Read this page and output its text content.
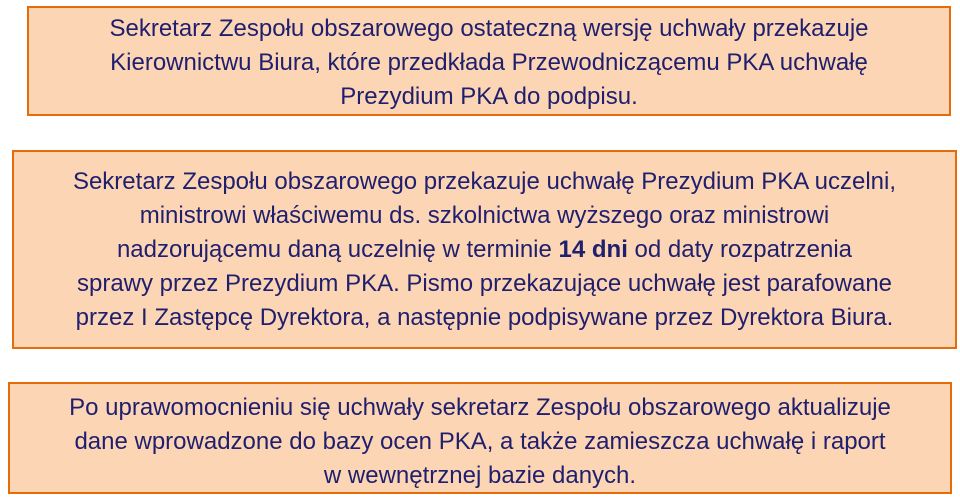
Sekretarz Zespołu obszarowego ostateczną wersję uchwały przekazuje
Kierownictwu Biura, które przedkłada Przewodniczącemu PKA uchwałę
Prezydium PKA do podpisu.
Sekretarz Zespołu obszarowego przekazuje uchwałę Prezydium PKA uczelni,
ministrowi właściwemu ds. szkolnictwa wyższego oraz ministrowi
nadzorującemu daną uczelnię w terminie 14 dni od daty rozpatrzenia
sprawy przez Prezydium PKA. Pismo przekazujące uchwałę jest parafowane
przez I Zastępcę Dyrektora, a następnie podpisywane przez Dyrektora Biura.
Po uprawomocnieniu się uchwały sekretarz Zespołu obszarowego aktualizuje
dane wprowadzone do bazy ocen PKA, a także zamieszcza uchwałę i raport
w wewnętrznej bazie danych.
